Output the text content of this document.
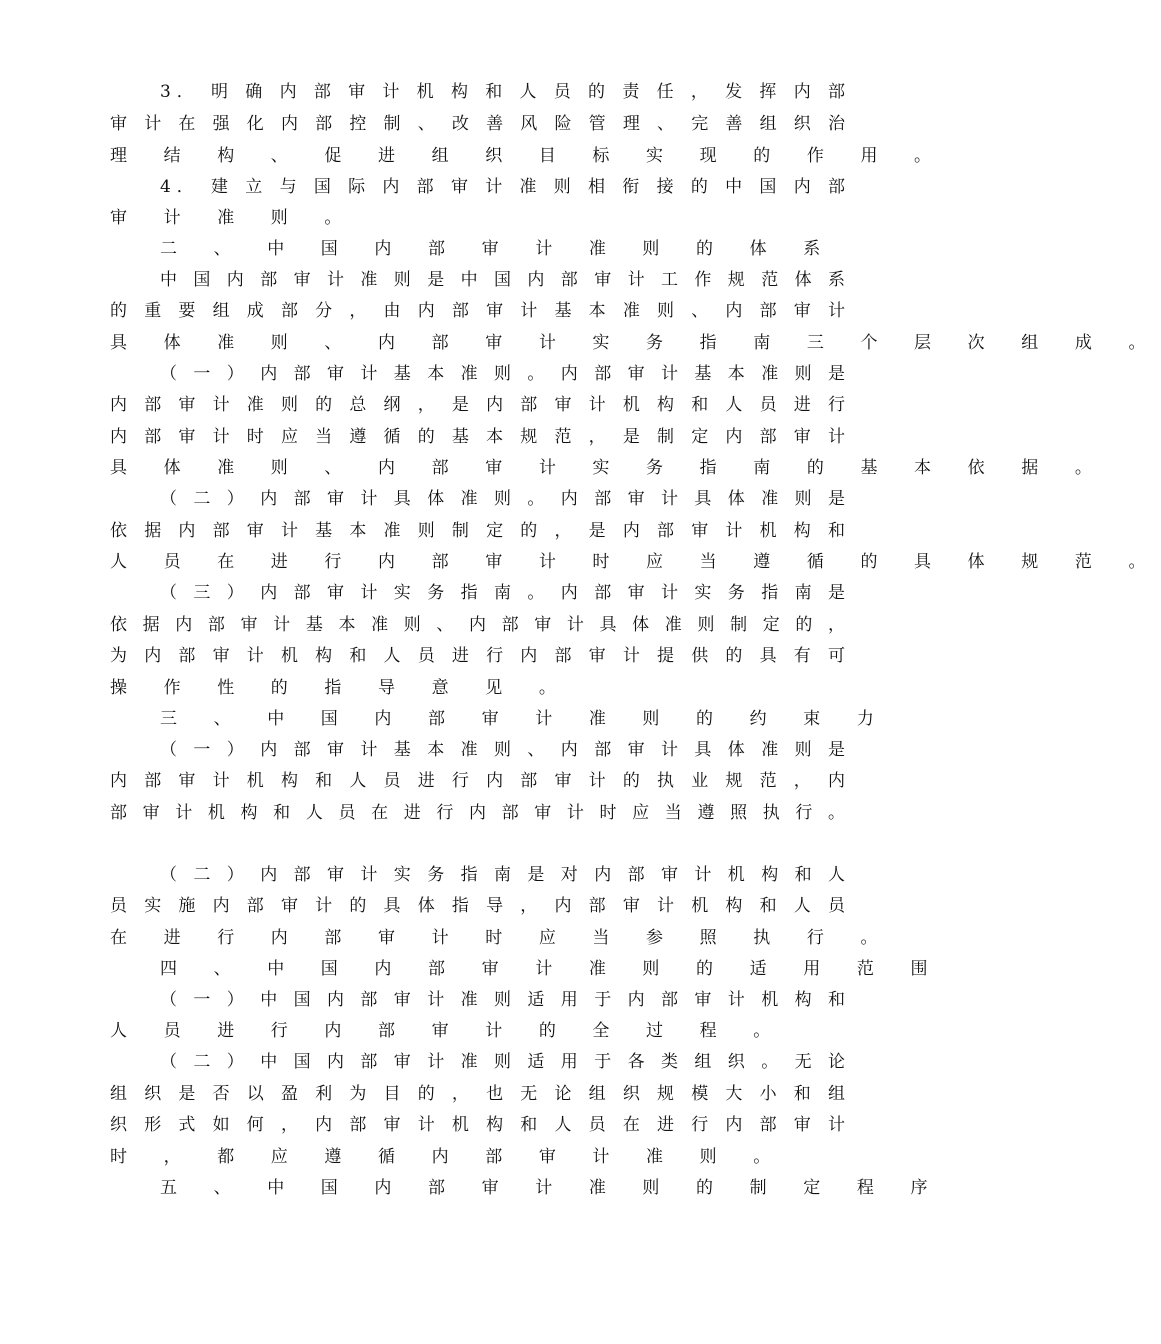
3． 明 确 内 部 审 计 机 构 和 人 员 的 责 任 ， 发 挥 内 部
审 计 在 强 化 内 部 控 制 、 改 善 风 险 管 理 、 完 善 组 织 治
理 结 构 、 促 进 组 织 目 标 实 现 的 作 用 。
4． 建 立 与 国 际 内 部 审 计 准 则 相 衔 接 的 中 国 内 部
审 计 准 则 。
二 、 中 国 内 部 审 计 准 则 的 体 系
中 国 内 部 审 计 准 则 是 中 国 内 部 审 计 工 作 规 范 体 系
的 重 要 组 成 部 分 ， 由 内 部 审 计 基 本 准 则 、 内 部 审 计
具 体 准 则 、 内 部 审 计 实 务 指 南 三 个 层 次 组 成 。
（ 一 ） 内 部 审 计 基 本 准 则 。 内 部 审 计 基 本 准 则 是
内 部 审 计 准 则 的 总 纲 ， 是 内 部 审 计 机 构 和 人 员 进 行
内 部 审 计 时 应 当 遵 循 的 基 本 规 范 ， 是 制 定 内 部 审 计
具 体 准 则 、 内 部 审 计 实 务 指 南 的 基 本 依 据 。
（ 二 ） 内 部 审 计 具 体 准 则 。 内 部 审 计 具 体 准 则 是
依 据 内 部 审 计 基 本 准 则 制 定 的 ， 是 内 部 审 计 机 构 和
人 员 在 进 行 内 部 审 计 时 应 当 遵 循 的 具 体 规 范 。
（ 三 ） 内 部 审 计 实 务 指 南 。 内 部 审 计 实 务 指 南 是
依 据 内 部 审 计 基 本 准 则 、 内 部 审 计 具 体 准 则 制 定 的 ，
为 内 部 审 计 机 构 和 人 员 进 行 内 部 审 计 提 供 的 具 有 可
操 作 性 的 指 导 意 见 。
三 、 中 国 内 部 审 计 准 则 的 约 束 力
（ 一 ） 内 部 审 计 基 本 准 则 、 内 部 审 计 具 体 准 则 是
内 部 审 计 机 构 和 人 员 进 行 内 部 审 计 的 执 业 规 范 ， 内
部 审 计 机 构 和 人 员 在 进 行 内 部 审 计 时 应 当 遵 照 执 行 。
（ 二 ） 内 部 审 计 实 务 指 南 是 对 内 部 审 计 机 构 和 人
员 实 施 内 部 审 计 的 具 体 指 导 ， 内 部 审 计 机 构 和 人 员
在 进 行 内 部 审 计 时 应 当 参 照 执 行 。
四 、 中 国 内 部 审 计 准 则 的 适 用 范 围
（ 一 ） 中 国 内 部 审 计 准 则 适 用 于 内 部 审 计 机 构 和
人 员 进 行 内 部 审 计 的 全 过 程 。
（ 二 ） 中 国 内 部 审 计 准 则 适 用 于 各 类 组 织 。 无 论
组 织 是 否 以 盈 利 为 目 的 ， 也 无 论 组 织 规 模 大 小 和 组
织 形 式 如 何 ， 内 部 审 计 机 构 和 人 员 在 进 行 内 部 审 计
时 ， 都 应 遵 循 内 部 审 计 准 则 。
五 、 中 国 内 部 审 计 准 则 的 制 定 程 序
